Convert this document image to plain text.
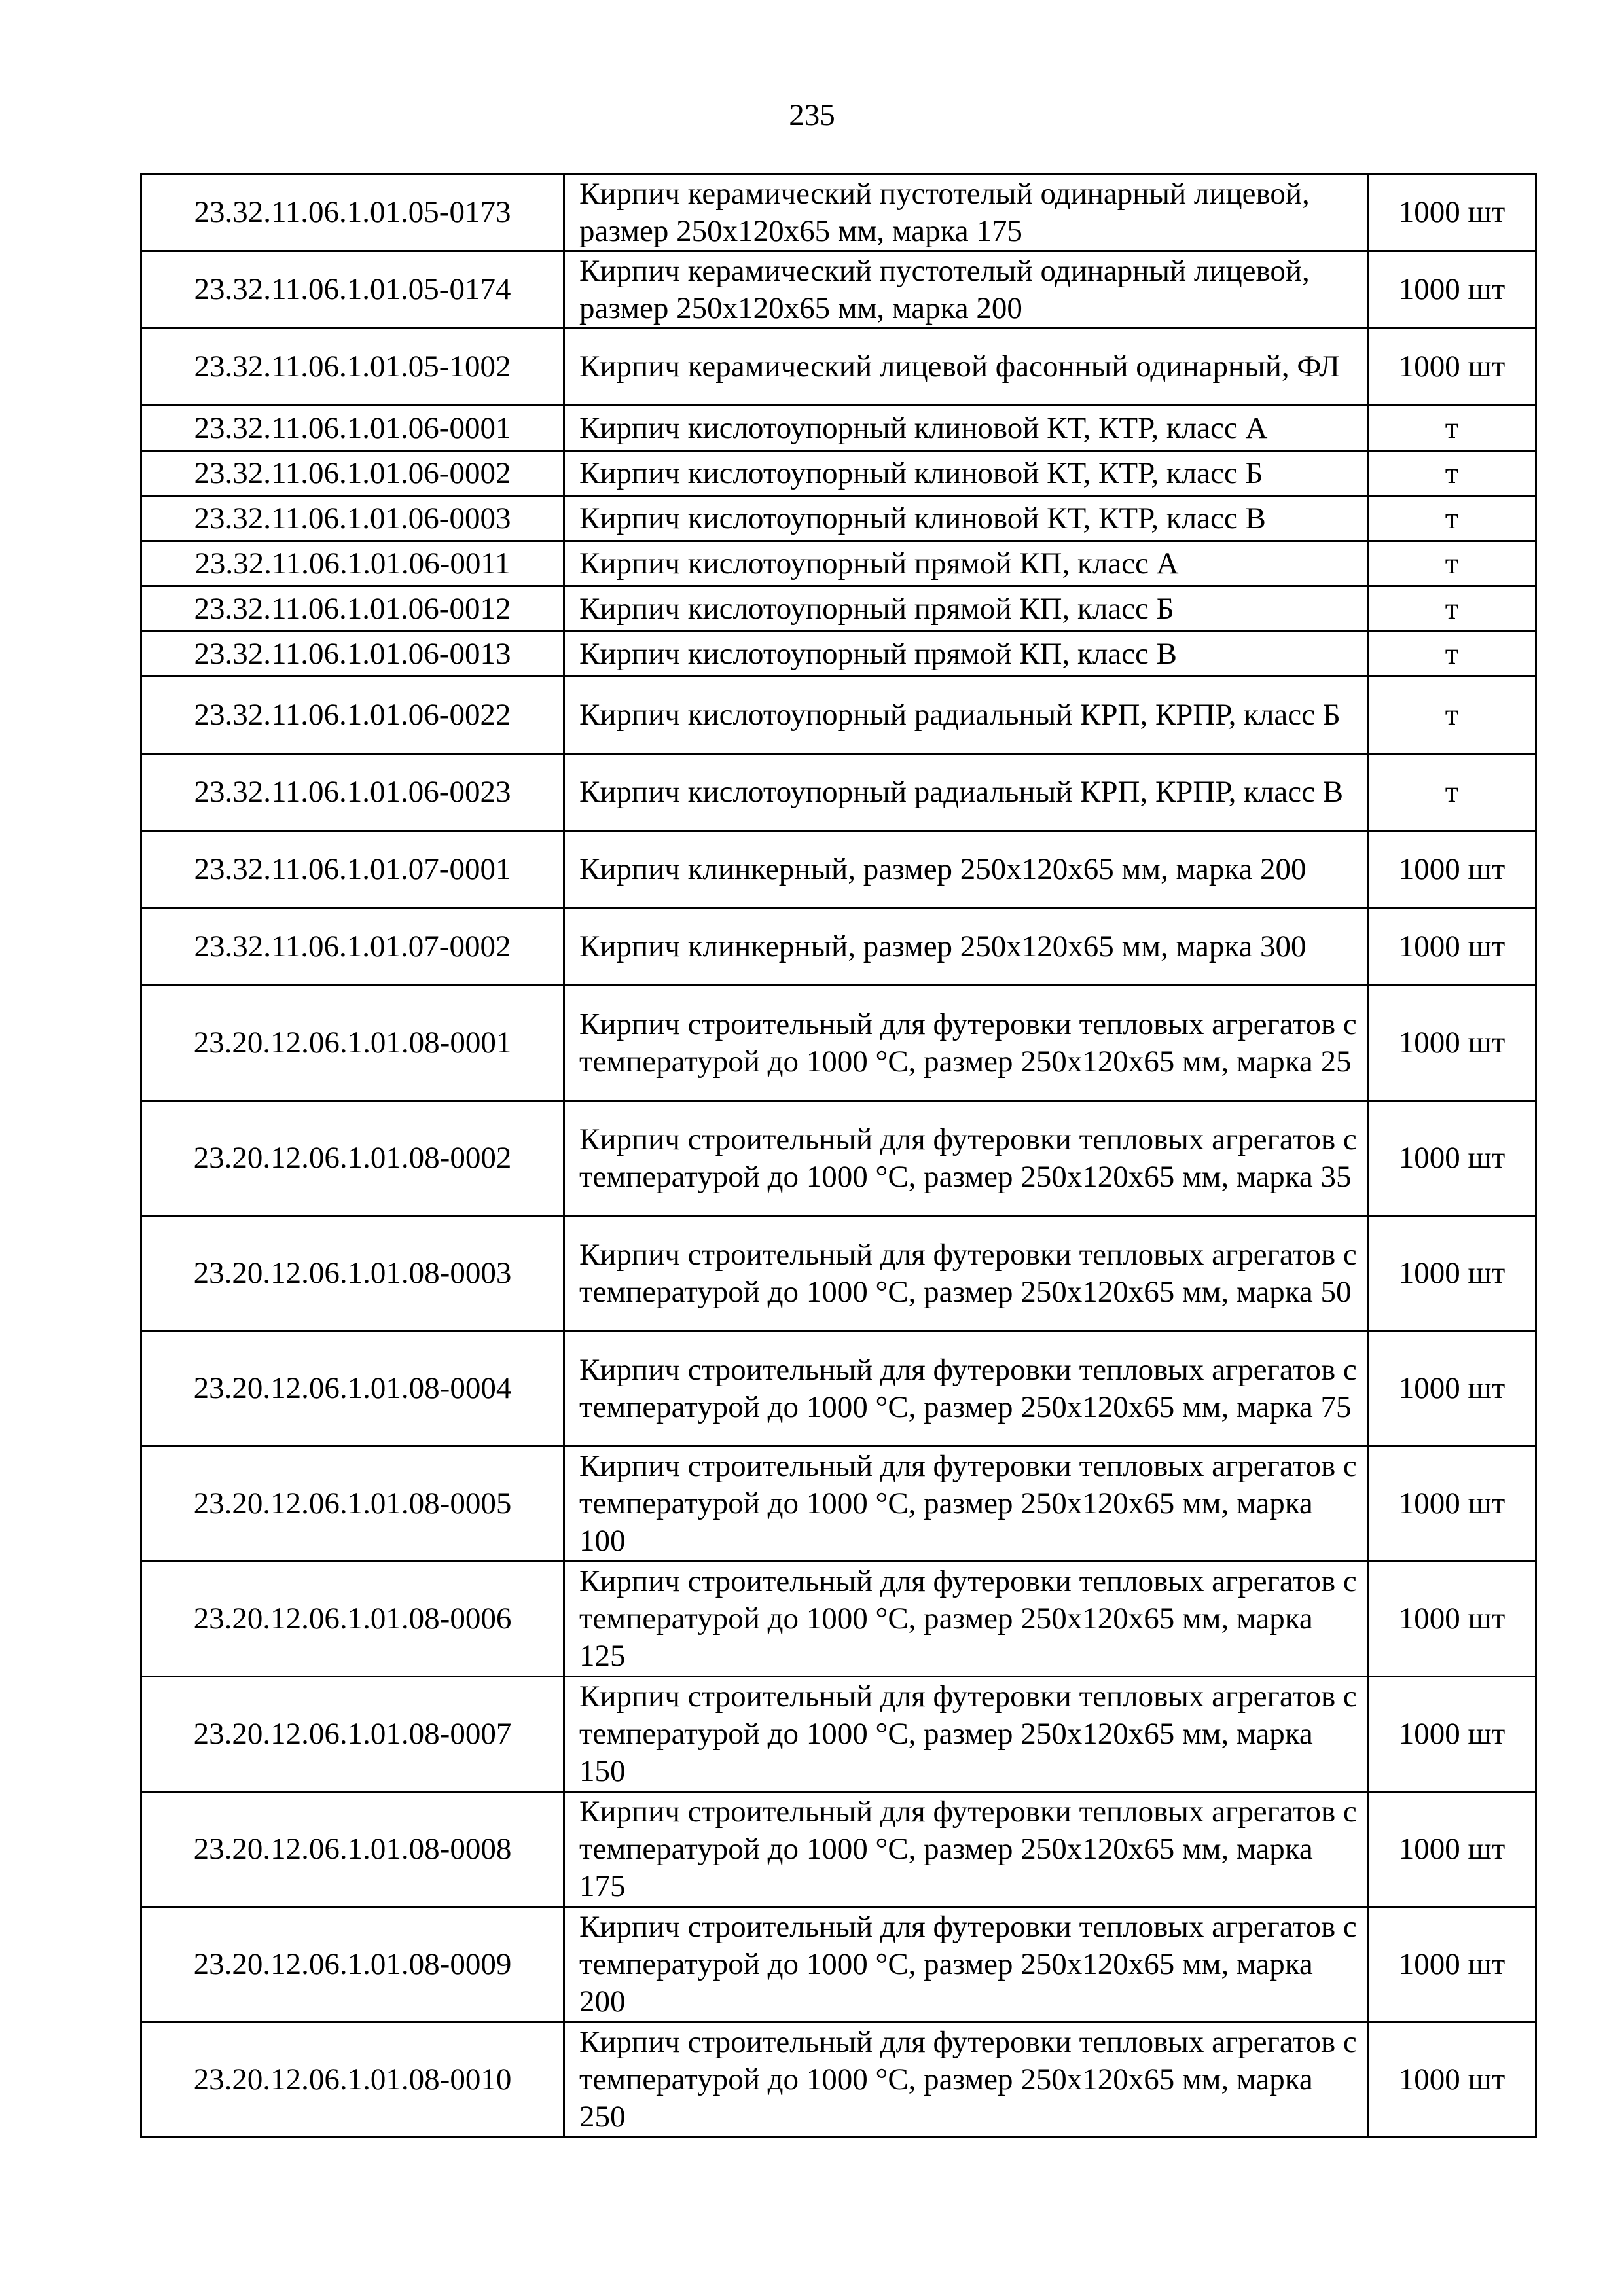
235
23.32.11.06.1.01.05-0173	Кирпич керамический пустотелый одинарный лицевой, размер 250х120х65 мм, марка 175	1000 шт
23.32.11.06.1.01.05-0174	Кирпич керамический пустотелый одинарный лицевой, размер 250х120х65 мм, марка 200	1000 шт
23.32.11.06.1.01.05-1002	Кирпич керамический лицевой фасонный одинарный, ФЛ	1000 шт
23.32.11.06.1.01.06-0001	Кирпич кислотоупорный клиновой КТ, КТР, класс А	т
23.32.11.06.1.01.06-0002	Кирпич кислотоупорный клиновой КТ, КТР, класс Б	т
23.32.11.06.1.01.06-0003	Кирпич кислотоупорный клиновой КТ, КТР, класс В	т
23.32.11.06.1.01.06-0011	Кирпич кислотоупорный прямой КП, класс А	т
23.32.11.06.1.01.06-0012	Кирпич кислотоупорный прямой КП, класс Б	т
23.32.11.06.1.01.06-0013	Кирпич кислотоупорный прямой КП, класс В	т
23.32.11.06.1.01.06-0022	Кирпич кислотоупорный радиальный КРП, КРПР, класс Б	т
23.32.11.06.1.01.06-0023	Кирпич кислотоупорный радиальный КРП, КРПР, класс В	т
23.32.11.06.1.01.07-0001	Кирпич клинкерный, размер 250х120х65 мм, марка 200	1000 шт
23.32.11.06.1.01.07-0002	Кирпич клинкерный, размер 250х120х65 мм, марка 300	1000 шт
23.20.12.06.1.01.08-0001	Кирпич строительный для футеровки тепловых агрегатов с температурой до 1000 °С, размер 250х120х65 мм, марка 25	1000 шт
23.20.12.06.1.01.08-0002	Кирпич строительный для футеровки тепловых агрегатов с температурой до 1000 °С, размер 250х120х65 мм, марка 35	1000 шт
23.20.12.06.1.01.08-0003	Кирпич строительный для футеровки тепловых агрегатов с температурой до 1000 °С, размер 250х120х65 мм, марка 50	1000 шт
23.20.12.06.1.01.08-0004	Кирпич строительный для футеровки тепловых агрегатов с температурой до 1000 °С, размер 250х120х65 мм, марка 75	1000 шт
23.20.12.06.1.01.08-0005	Кирпич строительный для футеровки тепловых агрегатов с температурой до 1000 °С, размер 250х120х65 мм, марка 100	1000 шт
23.20.12.06.1.01.08-0006	Кирпич строительный для футеровки тепловых агрегатов с температурой до 1000 °С, размер 250х120х65 мм, марка 125	1000 шт
23.20.12.06.1.01.08-0007	Кирпич строительный для футеровки тепловых агрегатов с температурой до 1000 °С, размер 250х120х65 мм, марка 150	1000 шт
23.20.12.06.1.01.08-0008	Кирпич строительный для футеровки тепловых агрегатов с температурой до 1000 °С, размер 250х120х65 мм, марка 175	1000 шт
23.20.12.06.1.01.08-0009	Кирпич строительный для футеровки тепловых агрегатов с температурой до 1000 °С, размер 250х120х65 мм, марка 200	1000 шт
23.20.12.06.1.01.08-0010	Кирпич строительный для футеровки тепловых агрегатов с температурой до 1000 °С, размер 250х120х65 мм, марка 250	1000 шт
